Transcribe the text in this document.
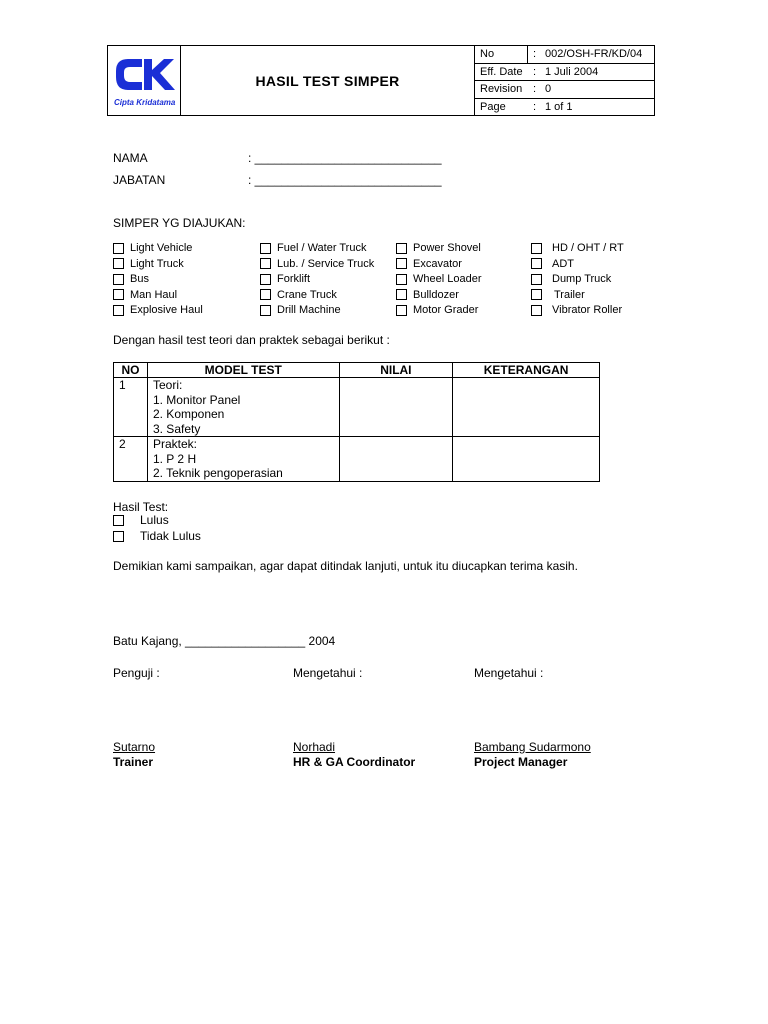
Cipta Kridatama
HASIL TEST SIMPER
No	: 002/OSH-FR/KD/04
Eff. Date : 1 Juli 2004
Revision : 0
Page : 1 of 1
NAMA	: ____________________________
JABATAN	: ____________________________
SIMPER YG DIAJUKAN:
Light Vehicle
Light Truck
Bus
Man Haul
Explosive Haul
Fuel / Water Truck
Lub. / Service Truck
Forklift
Crane Truck
Drill Machine
Power Shovel
Excavator
Wheel Loader
Bulldozer
Motor Grader
HD / OHT / RT
ADT
Dump Truck
Trailer
Vibrator Roller
Dengan hasil test teori dan praktek sebagai berikut :
NO	MODEL TEST	NILAI	KETERANGAN
1	Teori:
1. Monitor Panel
2. Komponen
3. Safety		

2	Praktek:
1. P 2 H
2. Teknik pengoperasian		

Hasil Test:
Lulus
Tidak Lulus
Demikian kami sampaikan, agar dapat ditindak lanjuti, untuk itu diucapkan terima kasih.
Batu Kajang, __________________ 2004
Penguji :	Mengetahui :	Mengetahui :
Sutarno	Norhadi	Bambang Sudarmono
Trainer	HR & GA Coordinator	Project Manager
